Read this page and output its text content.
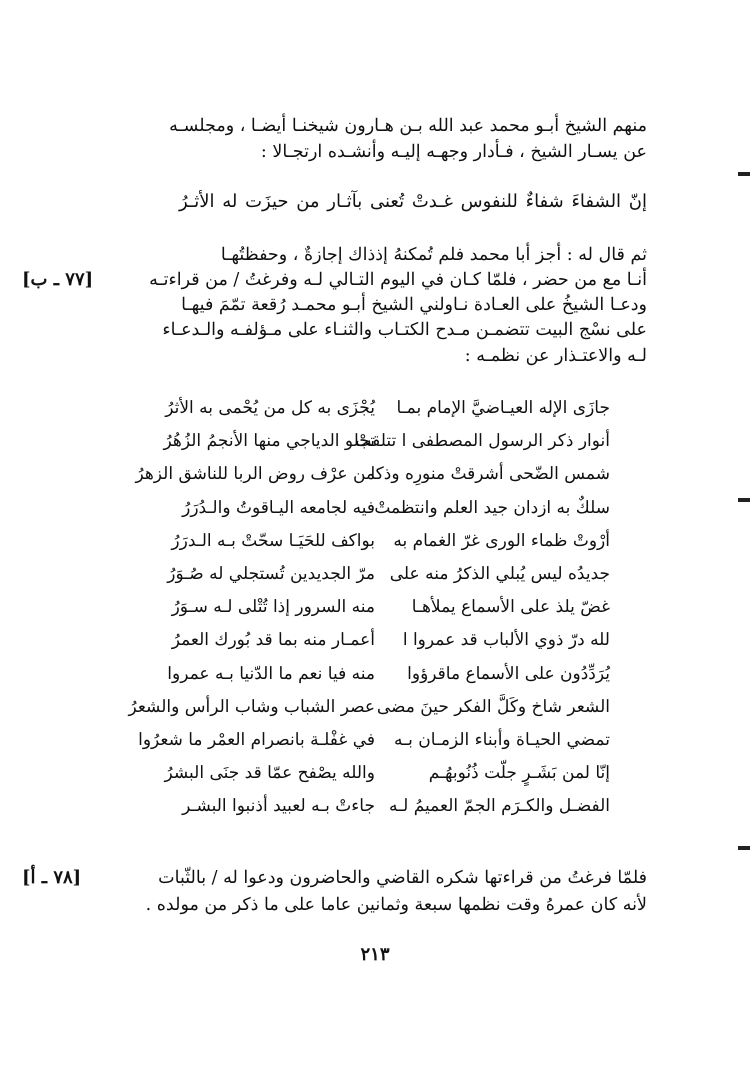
منهم الشيخ أبـو محمد عبد الله بـن هـارون شيخنـا أيضـا ، ومجلسـه
عن يسـار الشيخ ، فـأدار وجهـه إليـه وأنشـده ارتجـالا :
إنّ الشفاءَ شفاءٌ للنفوس غـدتْ تُعنى بآثـار من حيزَت له الأثـرُ
ثم قال له : أجز أبا محمد فلم تُمكنهُ إذذاك إجازةٌ ، وحفظتُهـا
أنـا مع من حضر ، فلمّا كـان في اليوم التـالي لـه وفرغتُ / من قراءتـه
ودعـا الشيخُ على العـادة نـاولني الشيخ أبـو محمـد رُقعة تمّمَ فيهـا
على نسْج البيت تتضمـن مـدح الكتـاب والثنـاء على مـؤلفـه والـدعـاء
لـه والاعتـذار عن نظمـه :
[٧٧ ـ ب]
جازَى الإله العيـاضيَّ الإمام بمـا
أنوار ذكر الرسول المصطفى ا تتلقتْ
شمس الضّحى أشرقتْ منورِه وذكا
سلكٌ به ازدان جيد العلم وانتظمتْ
أرْوتْ ظماء الورى غرّ الغمام به
جديدُه ليس يُبلي الذكرُ منه على
غضّ يلذ على الأسماع يملأهـا
لله درّ ذوي الألباب قد عمروا ا
يُرَدِّدُون على الأسماع ماقرؤوا
الشعر شاخ وكَلَّ الفكر حينَ مضى
تمضي الحيـاة وأبناء الزمـان بـه
إنّا لمن بَشَـرٍ جلّت ذُنُوبهُـم
الفضـل والكـرَم الجمّ العميمُ لـه
يُجْزَى به كل من يُحْمى به الأثرُ
تجلو الدياجي منها الأنجمُ الزُهُرُ
من عرْف روض الربا للناشق الزهرُ
فيه لجامعه اليـاقوتُ والـدُرَرُ
بواكف للحَيَـا سحّتْ بـه الـدرَرُ
مرّ الجديدين تُستجلي له صُـوَرُ
منه السرور إذا تُتْلى لـه سـوَرُ
أعمـار منه بما قد بُورك العمرُ
منه فيا نعم ما الدّنيا بـه عمروا
عصر الشباب وشاب الرأس والشعرُ
في غفْلـة بانصرام العمْر ما شعرُوا
والله يصْفح عمّا قد جنَى البشرُ
جاءتْ بـه لعبيد أذنبوا البشـر
فلمّا فرغتُ من قراءتها شكره القاضي والحاضرون ودعوا له / بالثّبات
لأنه كان عمرهُ وقت نظمها سبعة وثمانين عاما على ما ذكر من مولده .
[٧٨ ـ أ]
٢١٣
